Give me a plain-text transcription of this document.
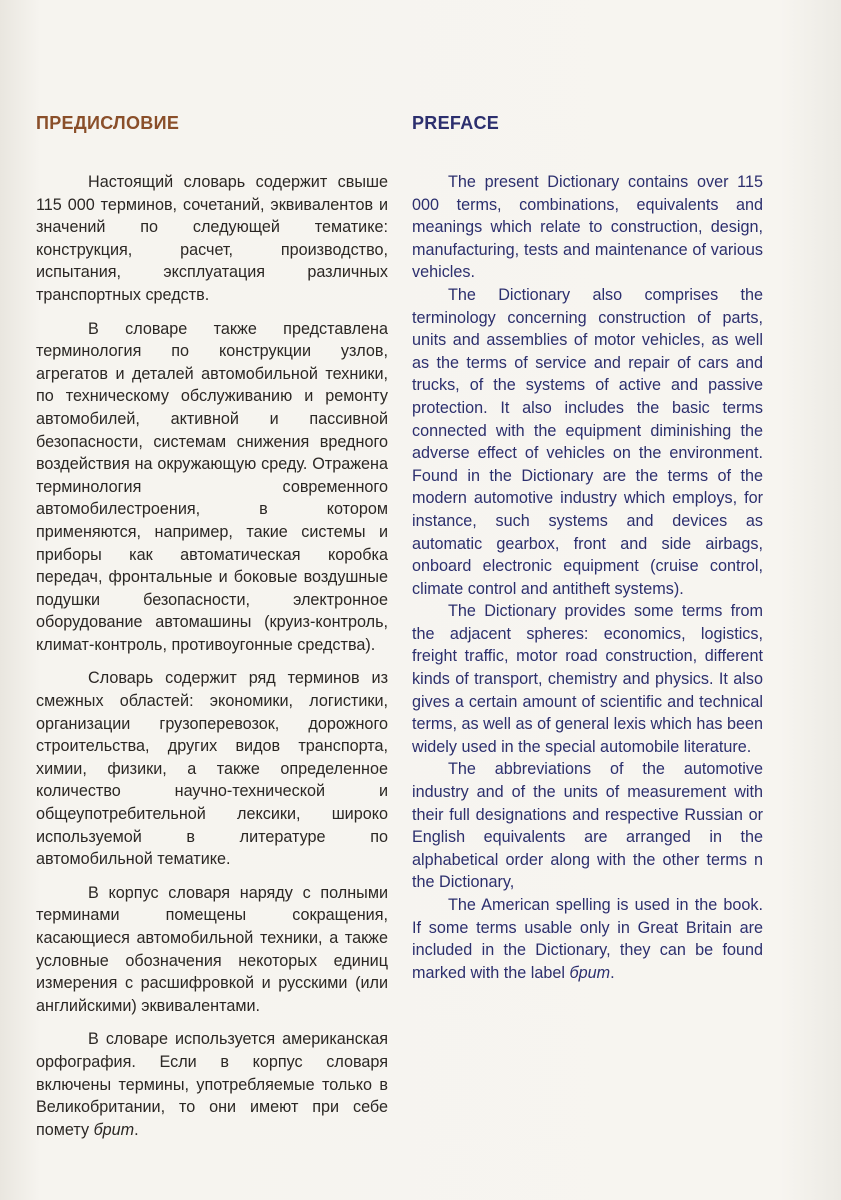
ПРЕДИСЛОВИЕ

Настоящий словарь содержит свыше 115 000 терминов, сочетаний, эквивалентов и значений по следующей тематике: конструкция, расчет, производство, испытания, эксплуатация различных транспортных средств.

В словаре также представлена терминология по конструкции узлов, агрегатов и деталей автомобильной техники, по техническому обслуживанию и ремонту автомобилей, активной и пассивной безопасности, системам снижения вредного воздействия на окружающую среду. Отражена терминология современного автомобилестроения, в котором применяются, например, такие системы и приборы как автоматическая коробка передач, фронтальные и боковые воздушные подушки безопасности, электронное оборудование автомашины (круиз-контроль, климат-контроль, противоугонные средства).

Словарь содержит ряд терминов из смежных областей: экономики, логистики, организации грузоперевозок, дорожного строительства, других видов транспорта, химии, физики, а также определенное количество научно-технической и общеупотребительной лексики, широко используемой в литературе по автомобильной тематике.

В корпус словаря наряду с полными терминами помещены сокращения, касающиеся автомобильной техники, а также условные обозначения некоторых единиц измерения с расшифровкой и русскими (или английскими) эквивалентами.

В словаре используется американская орфография. Если в корпус словаря включены термины, употребляемые только в Великобритании, то они имеют при себе помету брит.

PREFACE

The present Dictionary contains over 115 000 terms, combinations, equivalents and meanings which relate to construction, design, manufacturing, tests and maintenance of various vehicles.

The Dictionary also comprises the terminology concerning construction of parts, units and assemblies of motor vehicles, as well as the terms of service and repair of cars and trucks, of the systems of active and passive protection. It also includes the basic terms connected with the equipment diminishing the adverse effect of vehicles on the environment. Found in the Dictionary are the terms of the modern automotive industry which employs, for instance, such systems and devices as automatic gearbox, front and side airbags, onboard electronic equipment (cruise control, climate control and antitheft systems).

The Dictionary provides some terms from the adjacent spheres: economics, logistics, freight traffic, motor road construction, different kinds of transport, chemistry and physics. It also gives a certain amount of scientific and technical terms, as well as of general lexis which has been widely used in the special automobile literature.

The abbreviations of the automotive industry and of the units of measurement with their full designations and respective Russian or English equivalents are arranged in the alphabetical order along with the other terms n the Dictionary,

The American spelling is used in the book. If some terms usable only in Great Britain are included in the Dictionary, they can be found marked with the label брит.
